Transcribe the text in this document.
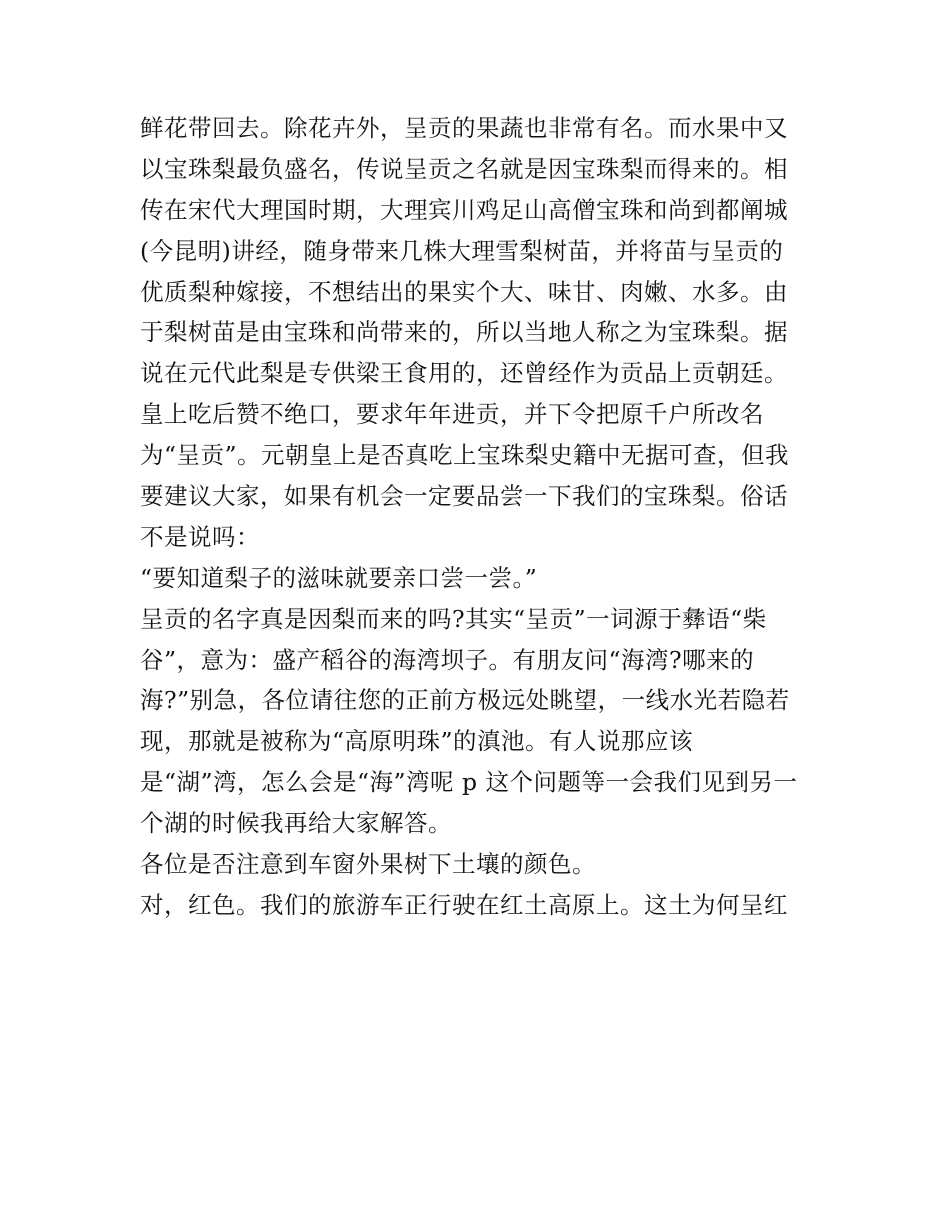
鲜花带回去。除花卉外，呈贡的果蔬也非常有名。而水果中又
以宝珠梨最负盛名，传说呈贡之名就是因宝珠梨而得来的。相
传在宋代大理国时期，大理宾川鸡足山高僧宝珠和尚到都阐城
(今昆明)讲经，随身带来几株大理雪梨树苗，并将苗与呈贡的
优质梨种嫁接，不想结出的果实个大、味甘、肉嫩、水多。由
于梨树苗是由宝珠和尚带来的，所以当地人称之为宝珠梨。据
说在元代此梨是专供梁王食用的，还曾经作为贡品上贡朝廷。
皇上吃后赞不绝口，要求年年进贡，并下令把原千户所改名
为“呈贡”。元朝皇上是否真吃上宝珠梨史籍中无据可查，但我
要建议大家，如果有机会一定要品尝一下我们的宝珠梨。俗话
不是说吗：
“要知道梨子的滋味就要亲口尝一尝。”
呈贡的名字真是因梨而来的吗?其实“呈贡”一词源于彝语“柴
谷”，意为：盛产稻谷的海湾坝子。有朋友问“海湾?哪来的
海?”别急，各位请往您的正前方极远处眺望，一线水光若隐若
现，那就是被称为“高原明珠”的滇池。有人说那应该
是“湖”湾，怎么会是“海”湾呢 p 这个问题等一会我们见到另一
个湖的时候我再给大家解答。
各位是否注意到车窗外果树下土壤的颜色。
对，红色。我们的旅游车正行驶在红土高原上。这土为何呈红
